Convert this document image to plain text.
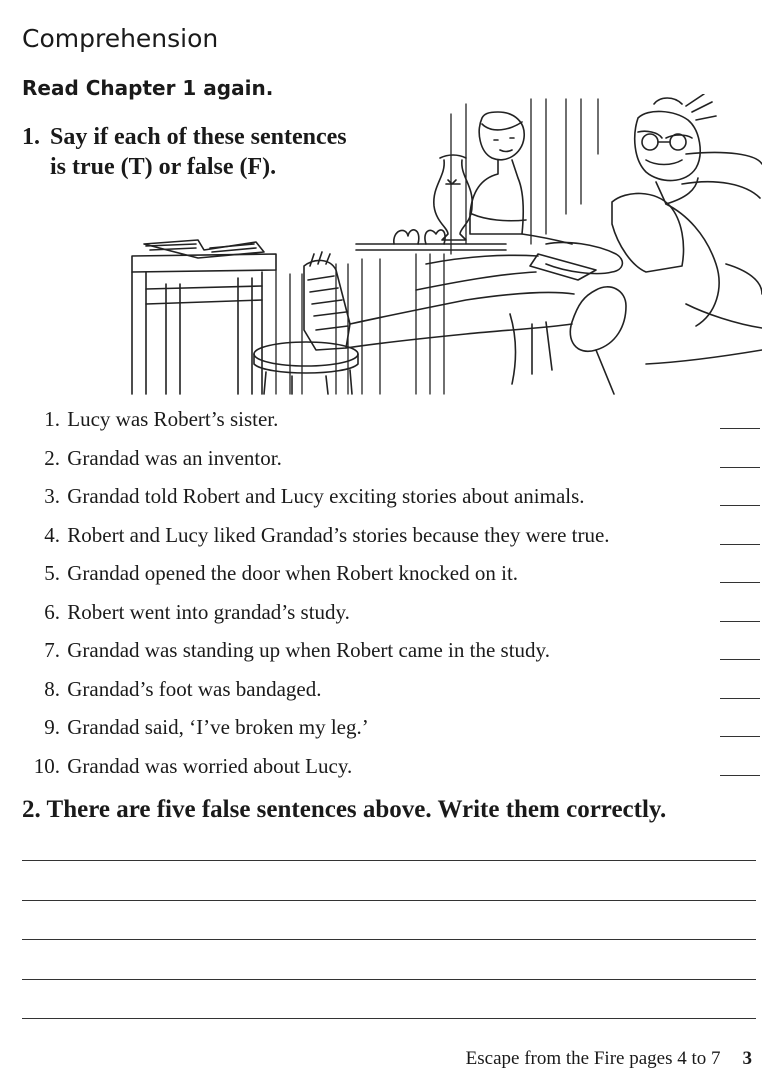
Comprehension
Read Chapter 1 again.
1. Say if each of these sentences
is true (T) or false (F).
1. Lucy was Robert’s sister.
2. Grandad was an inventor.
3. Grandad told Robert and Lucy exciting stories about animals.
4. Robert and Lucy liked Grandad’s stories because they were true.
5. Grandad opened the door when Robert knocked on it.
6. Robert went into grandad’s study.
7. Grandad was standing up when Robert came in the study.
8. Grandad’s foot was bandaged.
9. Grandad said, ‘I’ve broken my leg.’
10. Grandad was worried about Lucy.
2. There are five false sentences above. Write them correctly.
Escape from the Fire pages 4 to 7 3
